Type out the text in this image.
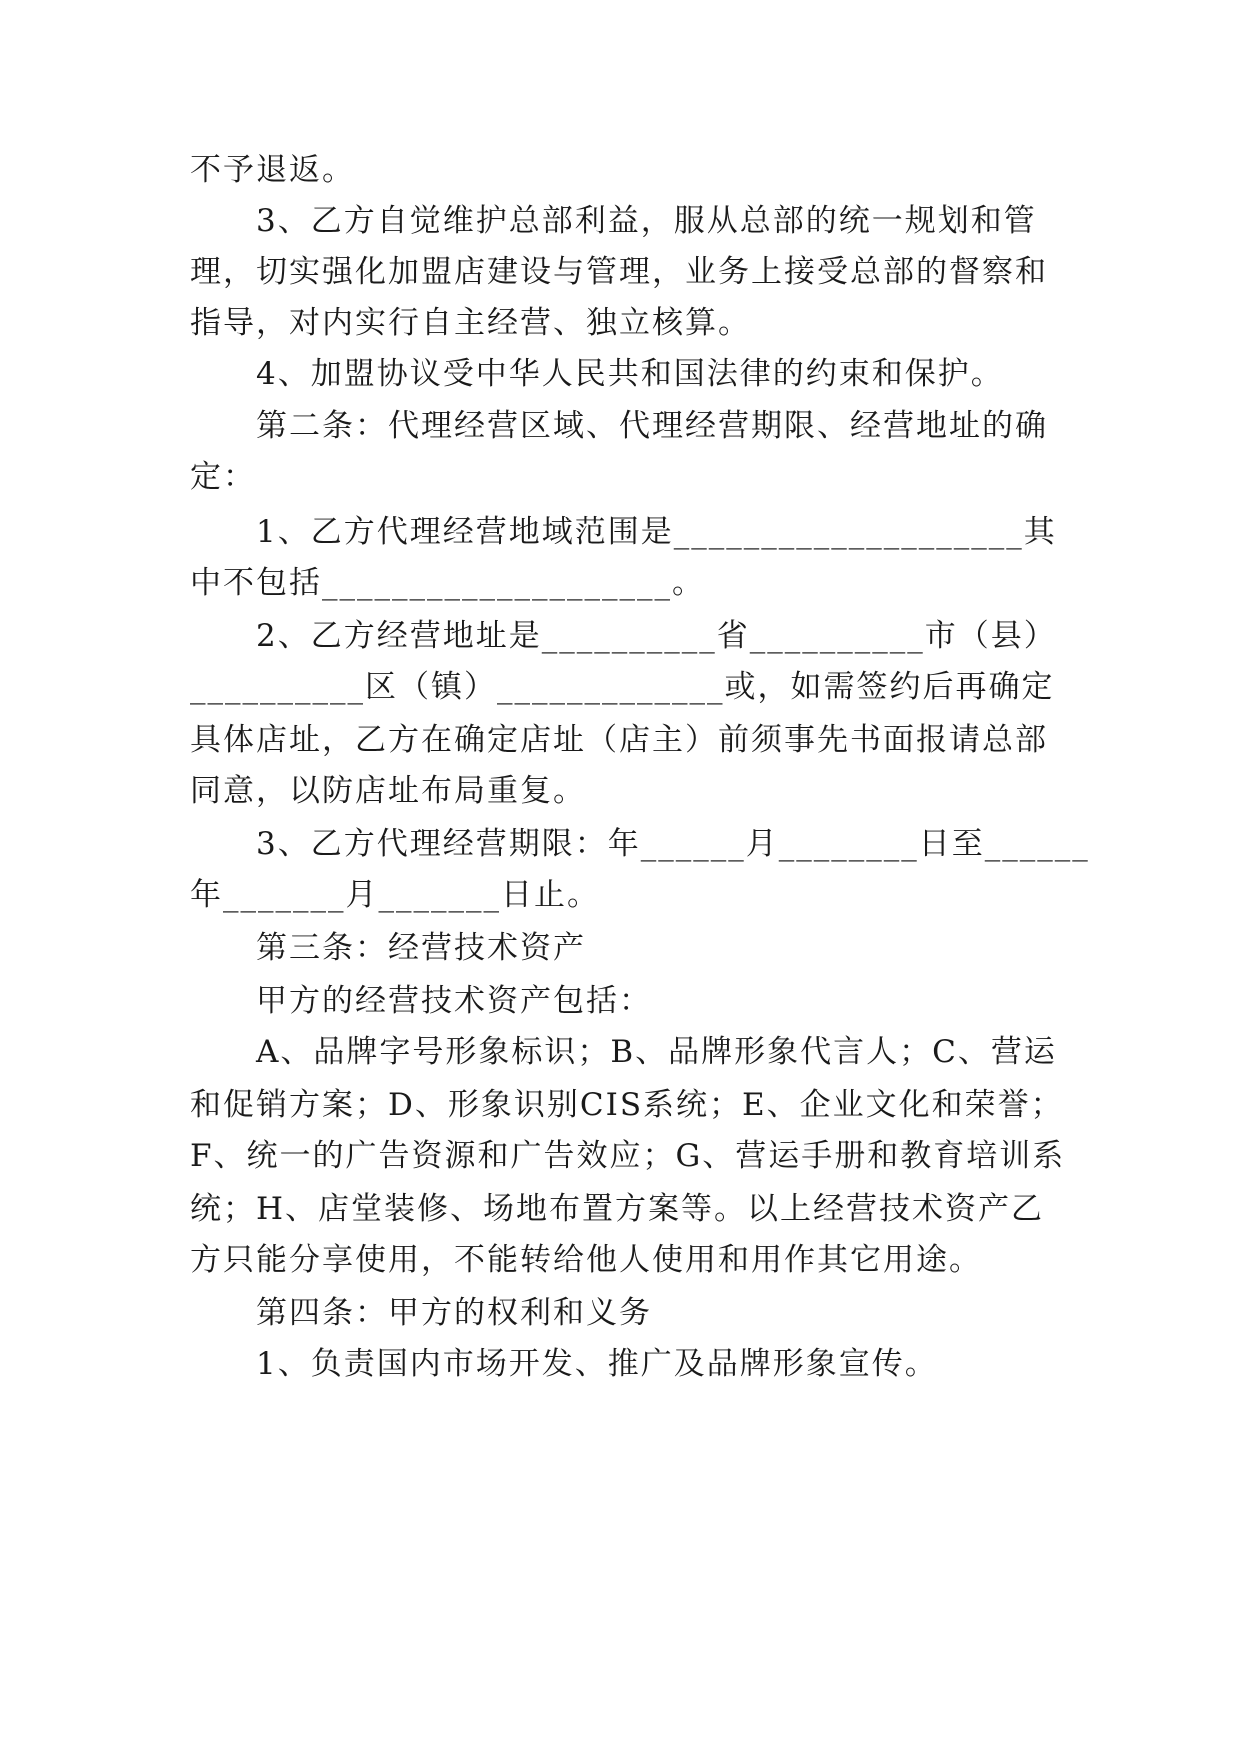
不予退返。
3、乙方自觉维护总部利益，服从总部的统一规划和管
理，切实强化加盟店建设与管理，业务上接受总部的督察和
指导，对内实行自主经营、独立核算。
4、加盟协议受中华人民共和国法律的约束和保护。
第二条：代理经营区域、代理经营期限、经营地址的确
定：
1、乙方代理经营地域范围是____________________其
中不包括____________________。
2、乙方经营地址是__________省__________市（县）
__________区（镇）_____________或，如需签约后再确定
具体店址，乙方在确定店址（店主）前须事先书面报请总部
同意，以防店址布局重复。
3、乙方代理经营期限：年______月________日至______
年_______月_______日止。
第三条：经营技术资产
甲方的经营技术资产包括：
A、品牌字号形象标识；B、品牌形象代言人；C、营运
和促销方案；D、形象识别CIS系统；E、企业文化和荣誉；
F、统一的广告资源和广告效应；G、营运手册和教育培训系
统；H、店堂装修、场地布置方案等。以上经营技术资产乙
方只能分享使用，不能转给他人使用和用作其它用途。
第四条：甲方的权利和义务
1、负责国内市场开发、推广及品牌形象宣传。
